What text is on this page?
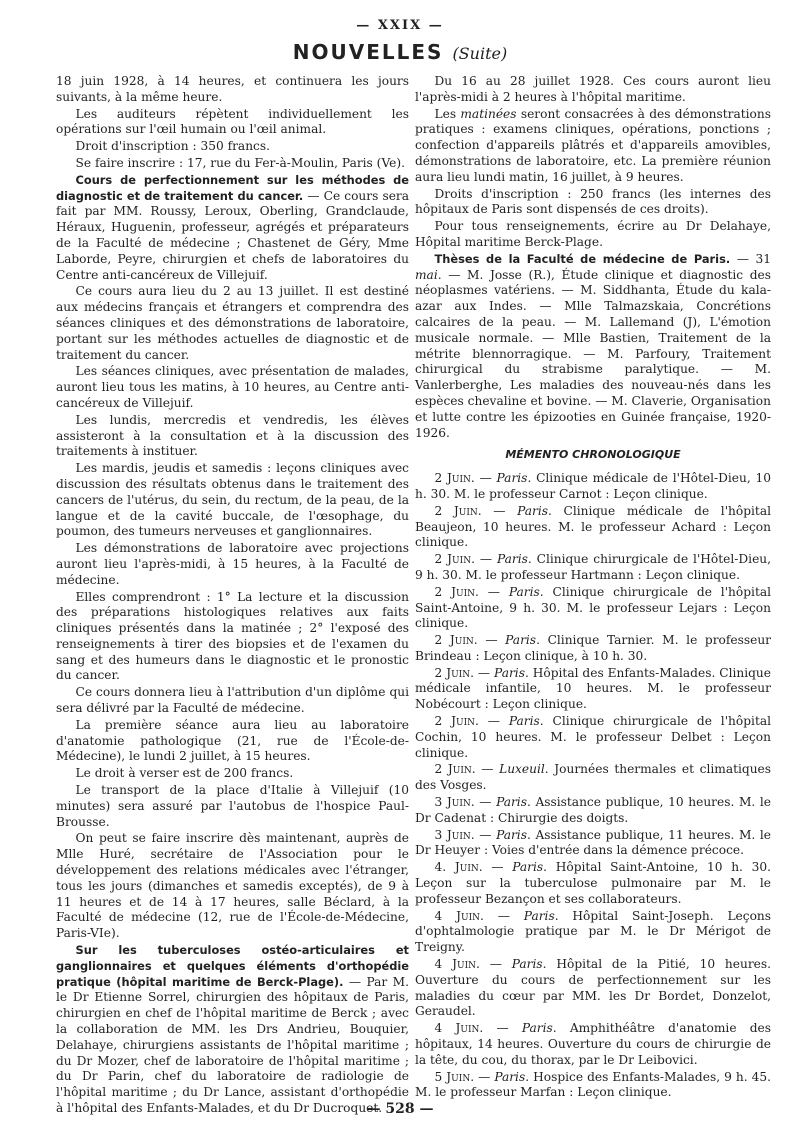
— XXIX —
NOUVELLES (Suite)

18 juin 1928, à 14 heures, et continuera les jours suivants, à la même heure.

Les auditeurs répètent individuellement les opérations sur l'œil humain ou l'œil animal.

Droit d'inscription : 350 francs.

Se faire inscrire : 17, rue du Fer-à-Moulin, Paris (Ve).

Cours de perfectionnement sur les méthodes de diagnostic et de traitement du cancer. — Ce cours sera fait par MM. Roussy, Leroux, Oberling, Grandclaude, Héraux, Huguenin, professeur, agrégés et préparateurs de la Faculté de médecine ; Chastenet de Géry, Mme Laborde, Peyre, chirurgien et chefs de laboratoires du Centre anti-cancéreux de Villejuif.

Ce cours aura lieu du 2 au 13 juillet. Il est destiné aux médecins français et étrangers et comprendra des séances cliniques et des démonstrations de laboratoire, portant sur les méthodes actuelles de diagnostic et de traitement du cancer.

Les séances cliniques, avec présentation de malades, auront lieu tous les matins, à 10 heures, au Centre anti-cancéreux de Villejuif.

Les lundis, mercredis et vendredis, les élèves assisteront à la consultation et à la discussion des traitements à instituer.

Les mardis, jeudis et samedis : leçons cliniques avec discussion des résultats obtenus dans le traitement des cancers de l'utérus, du sein, du rectum, de la peau, de la langue et de la cavité buccale, de l'œsophage, du poumon, des tumeurs nerveuses et ganglionnaires.

Les démonstrations de laboratoire avec projections auront lieu l'après-midi, à 15 heures, à la Faculté de médecine.

Elles comprendront : 1° La lecture et la discussion des préparations histologiques relatives aux faits cliniques présentés dans la matinée ; 2° l'exposé des renseignements à tirer des biopsies et de l'examen du sang et des humeurs dans le diagnostic et le pronostic du cancer.

Ce cours donnera lieu à l'attribution d'un diplôme qui sera délivré par la Faculté de médecine.

La première séance aura lieu au laboratoire d'anatomie pathologique (21, rue de l'École-de-Médecine), le lundi 2 juillet, à 15 heures.

Le droit à verser est de 200 francs.

Le transport de la place d'Italie à Villejuif (10 minutes) sera assuré par l'autobus de l'hospice Paul-Brousse.

On peut se faire inscrire dès maintenant, auprès de Mlle Huré, secrétaire de l'Association pour le développement des relations médicales avec l'étranger, tous les jours (dimanches et samedis exceptés), de 9 à 11 heures et de 14 à 17 heures, salle Béclard, à la Faculté de médecine (12, rue de l'École-de-Médecine, Paris-VIe).

Sur les tuberculoses ostéo-articulaires et ganglionnaires et quelques éléments d'orthopédie pratique (hôpital maritime de Berck-Plage). — Par M. le Dr Etienne Sorrel, chirurgien des hôpitaux de Paris, chirurgien en chef de l'hôpital maritime de Berck ; avec la collaboration de MM. les Drs Andrieu, Bouquier, Delahaye, chirurgiens assistants de l'hôpital maritime ; du Dr Mozer, chef de laboratoire de l'hôpital maritime ; du Dr Parin, chef du laboratoire de radiologie de l'hôpital maritime ; du Dr Lance, assistant d'orthopédie à l'hôpital des Enfants-Malades, et du Dr Ducroquet.

Du 16 au 28 juillet 1928. Ces cours auront lieu l'après-midi à 2 heures à l'hôpital maritime.

Les matinées seront consacrées à des démonstrations pratiques : examens cliniques, opérations, ponctions ; confection d'appareils plâtrés et d'appareils amovibles, démonstrations de laboratoire, etc. La première réunion aura lieu lundi matin, 16 juillet, à 9 heures.

Droits d'inscription : 250 francs (les internes des hôpitaux de Paris sont dispensés de ces droits).

Pour tous renseignements, écrire au Dr Delahaye, Hôpital maritime Berck-Plage.

Thèses de la Faculté de médecine de Paris. — 31 mai. — M. Josse (R.), Étude clinique et diagnostic des néoplasmes vatériens. — M. Siddhanta, Étude du kala-azar aux Indes. — Mlle Talmazskaia, Concrétions calcaires de la peau. — M. Lallemand (J), L'émotion musicale normale. — Mlle Bastien, Traitement de la métrite blennorragique. — M. Parfoury, Traitement chirurgical du strabisme paralytique. — M. Vanlerberghe, Les maladies des nouveau-nés dans les espèces chevaline et bovine. — M. Claverie, Organisation et lutte contre les épizooties en Guinée française, 1920-1926.

MÉMENTO CHRONOLOGIQUE

2 Juin. — Paris. Clinique médicale de l'Hôtel-Dieu, 10 h. 30. M. le professeur Carnot : Leçon clinique.

2 Juin. — Paris. Clinique médicale de l'hôpital Beaujeon, 10 heures. M. le professeur Achard : Leçon clinique.

2 Juin. — Paris. Clinique chirurgicale de l'Hôtel-Dieu, 9 h. 30. M. le professeur Hartmann : Leçon clinique.

2 Juin. — Paris. Clinique chirurgicale de l'hôpital Saint-Antoine, 9 h. 30. M. le professeur Lejars : Leçon clinique.

2 Juin. — Paris. Clinique Tarnier. M. le professeur Brindeau : Leçon clinique, à 10 h. 30.

2 Juin. — Paris. Hôpital des Enfants-Malades. Clinique médicale infantile, 10 heures. M. le professeur Nobécourt : Leçon clinique.

2 Juin. — Paris. Clinique chirurgicale de l'hôpital Cochin, 10 heures. M. le professeur Delbet : Leçon clinique.

2 Juin. — Luxeuil. Journées thermales et climatiques des Vosges.

3 Juin. — Paris. Assistance publique, 10 heures. M. le Dr Cadenat : Chirurgie des doigts.

3 Juin. — Paris. Assistance publique, 11 heures. M. le Dr Heuyer : Voies d'entrée dans la démence précoce.

4. Juin. — Paris. Hôpital Saint-Antoine, 10 h. 30. Leçon sur la tuberculose pulmonaire par M. le professeur Bezançon et ses collaborateurs.

4 Juin. — Paris. Hôpital Saint-Joseph. Leçons d'ophtalmologie pratique par M. le Dr Mérigot de Treigny.

4 Juin. — Paris. Hôpital de la Pitié, 10 heures. Ouverture du cours de perfectionnement sur les maladies du cœur par MM. les Dr Bordet, Donzelot, Geraudel.

4 Juin. — Paris. Amphithéâtre d'anatomie des hôpitaux, 14 heures. Ouverture du cours de chirurgie de la tête, du cou, du thorax, par le Dr Leibovici.

5 Juin. — Paris. Hospice des Enfants-Malades, 9 h. 45. M. le professeur Marfan : Leçon clinique.

— 528 —
